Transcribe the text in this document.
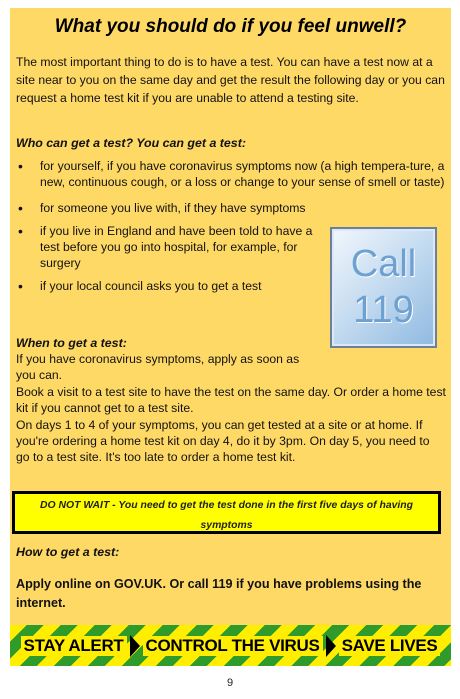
What you should do if you feel unwell?
The most important thing to do is to have a test. You can have a test now at a site near to you on the same day and get the result the following day or you can request a home test kit if you are unable to attend a testing site.
Who can get a test? You can get a test:
• for yourself, if you have coronavirus symptoms now (a high tempera-ture, a new, continuous cough, or a loss or change to your sense of smell or taste)
• for someone you live with, if they have symptoms
• if you live in England and have been told to have a test before you go into hospital, for example, for surgery
• if your local council asks you to get a test
Call
119
When to get a test:
If you have coronavirus symptoms, apply as soon as you can.
Book a visit to a test site to have the test on the same day. Or order a home test kit if you cannot get to a test site.
On days 1 to 4 of your symptoms, you can get tested at a site or at home. If you're ordering a home test kit on day 4, do it by 3pm. On day 5, you need to go to a test site. It's too late to order a home test kit.
DO NOT WAIT - You need to get the test done in the first five days of having symptoms
How to get a test:
Apply online on GOV.UK. Or call 119 if you have problems using the internet.
STAY ALERT CONTROL THE VIRUS SAVE LIVES
9
